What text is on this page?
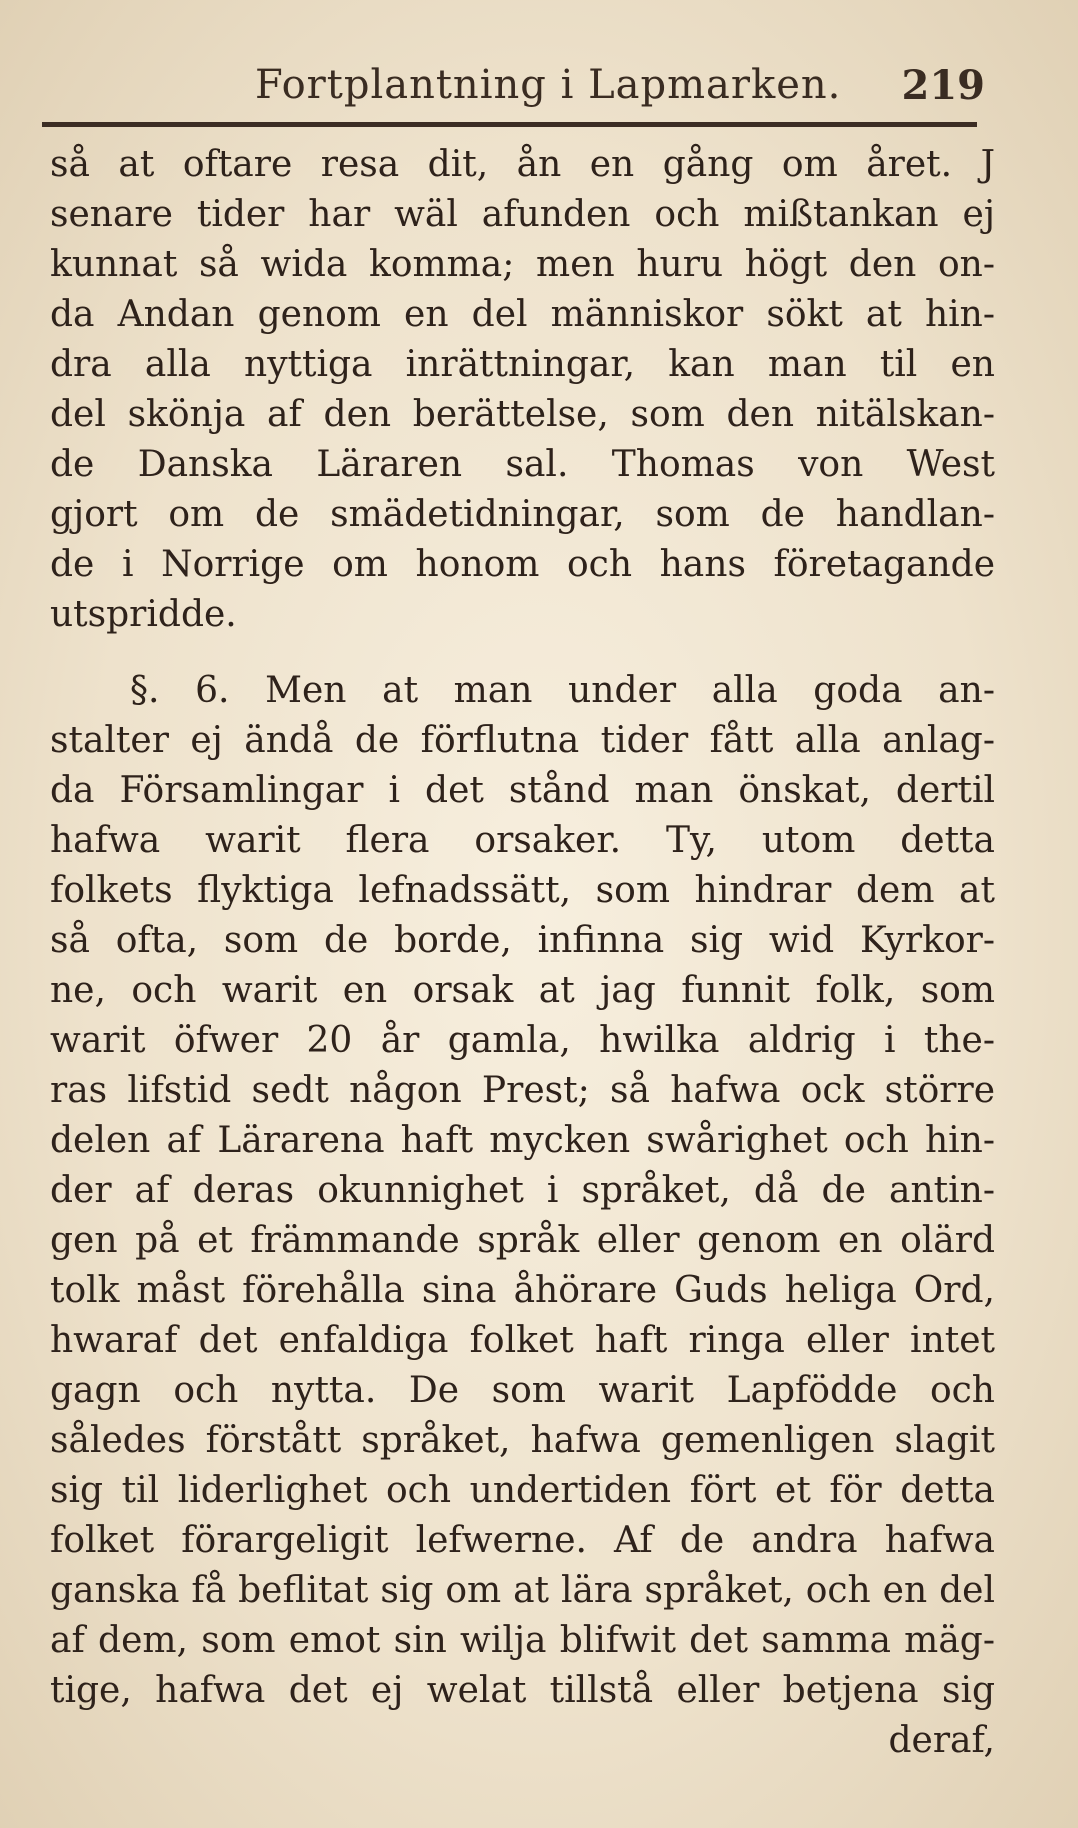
Fortplantning i Lapmarken. 219
så at oftare resa dit, ån en gång om året. J
senare tider har wäl afunden och mißtankan ej
kunnat så wida komma; men huru högt den on-
da Andan genom en del människor sökt at hin-
dra alla nyttiga inrättningar, kan man til en
del skönja af den berättelse, som den nitälskan-
de Danska Läraren sal. Thomas von West
gjort om de smädetidningar, som de handlan-
de i Norrige om honom och hans företagande
utspridde.
§. 6. Men at man under alla goda an-
stalter ej ändå de förflutna tider fått alla anlag-
da Församlingar i det stånd man önskat, dertil
hafwa warit flera orsaker. Ty, utom detta
folkets flyktiga lefnadssätt, som hindrar dem at
så ofta, som de borde, infinna sig wid Kyrkor-
ne, och warit en orsak at jag funnit folk, som
warit öfwer 20 år gamla, hwilka aldrig i the-
ras lifstid sedt någon Prest; så hafwa ock större
delen af Lärarena haft mycken swårighet och hin-
der af deras okunnighet i språket, då de antin-
gen på et främmande språk eller genom en olärd
tolk måst förehålla sina åhörare Guds heliga Ord,
hwaraf det enfaldiga folket haft ringa eller intet
gagn och nytta. De som warit Lapfödde och
således förstått språket, hafwa gemenligen slagit
sig til liderlighet och undertiden fört et för detta
folket förargeligit lefwerne. Af de andra hafwa
ganska få beflitat sig om at lära språket, och en del
af dem, som emot sin wilja blifwit det samma mäg-
tige, hafwa det ej welat tillstå eller betjena sig
deraf,
